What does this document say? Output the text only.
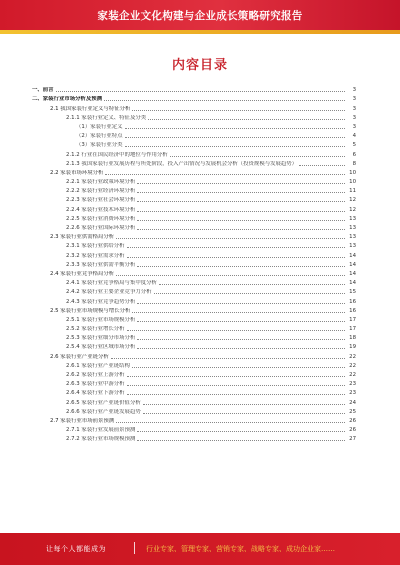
家装企业文化构建与企业成长策略研究报告
内容目录
一、前言	3
二、家装行业市场分析及预测	3
2.1 我国家装行业定义与特征分析	3
2.1.1 家装行业定义、特征及分类	3
（1）家装行业定义	3
（2）家装行业特点	4
（3）家装行业分类	5
2.1.2 行业在国民经济中的地位与作用分析	6
2.1.3 我国家装行业发展历程与所处阶段，投入产出情况与发展机会分析（投资规模与发展趋势）	8
2.2 家装市场环境分析	10
2.2.1 家装行业政策环境分析	10
2.2.2 家装行业经济环境分析	11
2.2.3 家装行业社会环境分析	12
2.2.4 家装行业技术环境分析	12
2.2.5 家装行业消费环境分析	13
2.2.6 家装行业国际环境分析	13
2.3 家装行业供需格局分析	13
2.3.1 家装行业供给分析	13
2.3.2 家装行业需求分析	14
2.3.3 家装行业供需平衡分析	14
2.4 家装行业竞争格局分析	14
2.4.1 家装行业竞争格局与集中度分析	14
2.4.2 家装行业主要企业竞争力分析	15
2.4.3 家装行业竞争趋势分析	16
2.5 家装行业市场规模与增长分析	16
2.5.1 家装行业市场规模分析	17
2.5.2 家装行业增长分析	17
2.5.3 家装行业细分市场分析	18
2.5.4 家装行业区域市场分析	19
2.6 家装行业产业链分析	22
2.6.1 家装行业产业链结构	22
2.6.2 家装行业上游分析	22
2.6.3 家装行业中游分析	23
2.6.4 家装行业下游分析	23
2.6.5 家装行业产业链价值分析	24
2.6.6 家装行业产业链发展趋势	25
2.7 家装行业市场前景预测	26
2.7.1 家装行业发展前景预测	26
2.7.2 家装行业市场规模预测	27
让每个人都能成为	行业专家、管理专家、营销专家、战略专家、成功企业家……
